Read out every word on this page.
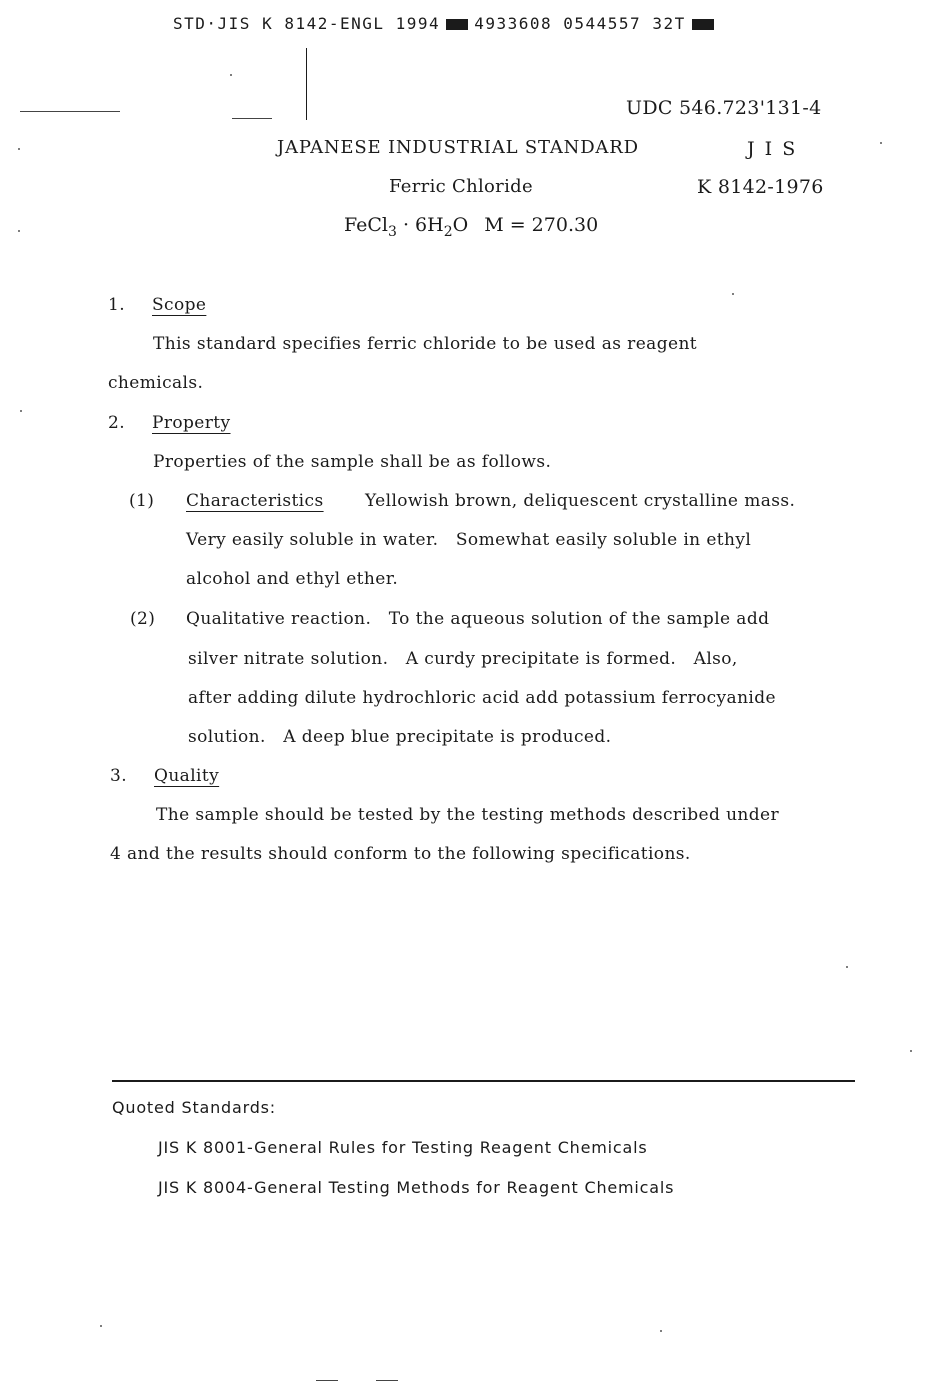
STD·JIS K 8142-ENGL 1994 4933608 0544557 32T
UDC 546.723'131-4
JAPANESE INDUSTRIAL STANDARD	J I S
Ferric Chloride	K 8142-1976
FeCl$_3$ · $6H_2O$ M = 270.30
1. Scope
This standard specifies ferric chloride to be used as reagent
chemicals.
2. Property
Properties of the sample shall be as follows.
(1) Characteristics Yellowish brown, deliquescent crystalline mass.
Very easily soluble in water.   Somewhat easily soluble in ethyl
alcohol and ethyl ether.
(2) Qualitative reaction.   To the aqueous solution of the sample add
silver nitrate solution.   A curdy precipitate is formed.   Also,
after adding dilute hydrochloric acid add potassium ferrocyanide
solution.   A deep blue precipitate is produced.
3. Quality
The sample should be tested by the testing methods described under
4 and the results should conform to the following specifications.
Quoted Standards:
JIS K 8001-General Rules for Testing Reagent Chemicals
JIS K 8004-General Testing Methods for Reagent Chemicals
